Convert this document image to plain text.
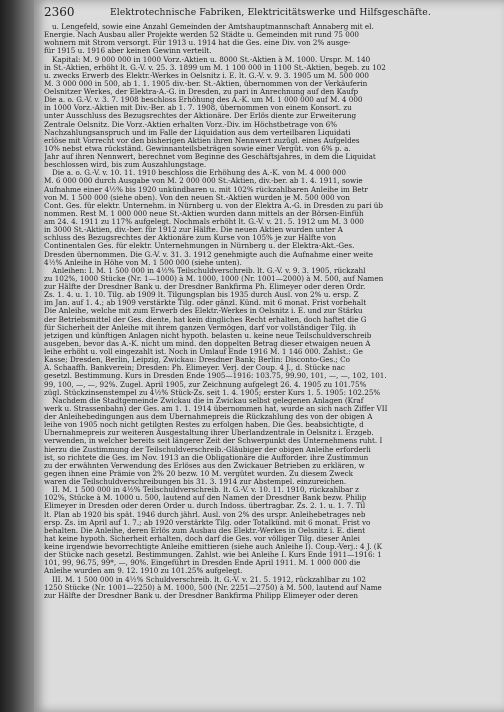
2360	Elektrotechnische Fabriken, Elektricitätswerke und Hilfsgeschäfte.
u. Lengefeld, sowie eine Anzahl Gemeinden der Amtshauptmannschaft Annaberg mit el.
Energie. Nach Ausbau aller Projekte werden 52 Städte u. Gemeinden mit rund 75 000
wohnern mit Strom versorgt. Für 1913 u. 1914 hat die Ges. eine Div. von 2% ausge-
für 1915 u. 1916 aber keinen Gewinn verteilt.
Kapital: M. 9 000 000 in 1000 Vorz.-Aktien u. 8000 St.-Aktien à M. 1000. Urspr. M. 140
in St.-Aktien, erhöht lt. G.-V. v. 25. 3. 1899 um M. 1 100 000 in 1100 St.-Aktien, begeb. zu 102
u. zwecks Erwerb des Elektr.-Werkes in Oelsnitz i. E. lt. G.-V. v. 9. 3. 1905 um M. 500 000
M. 3 000 000 in 500, ab 1. 1. 1905 div.-ber. St.-Aktien, übernommen von der Verkäuferin
Oelsnitzer Werkes, der Elektra-A.-G. in Dresden, zu pari in Anrechnung auf den Kaufp
Die a. o. G.-V. v. 3. 7. 1908 beschloss Erhöhung des A.-K. um M. 1 000 000 auf M. 4 000
in 1000 Vorz.-Aktien mit Div.-Ber. ab 1. 7. 1908, übernommen von einem Konsort. zu
unter Ausschluss des Bezugsrechtes der Aktionäre. Der Erlös diente zur Erweiterung
Zentrale Oelsnitz. Die Vorz.-Aktien erhalten Vorz.-Div. im Höchstbetrage von 6%
Nachzahlungsanspruch und im Falle der Liquidation aus dem verteilbaren Liquidati
erlöse mit Vorrecht vor den bisherigen Aktien ihren Nennwert zuzügl. eines Aufgeldes
10% nebst etwa rückständ. Gewinnanteilsbeträgen sowie einer Vergüt. von 6% p. a.
Jahr auf ihren Nennwert, berechnet vom Beginne des Geschäftsjahres, in dem die Liquidat
beschlossen wird, bis zum Auszahlungstage.
Die a. o. G.-V. v. 10. 11. 1910 beschloss die Erhöhung des A.-K. von M. 4 000 000
M. 6 000 000 durch Ausgabe von M. 2 000 000 St.-Aktien, div.-ber. ab 1. 4. 1911, sowie
Aufnahme einer 4½% bis 1920 unkündbaren u. mit 102% rückzahlbaren Anleihe im Betr
von M. 1 500 000 (siehe oben). Von den neuen St.-Aktien wurden je M. 500 000 von
Cont. Ges. für elektr. Unternehm. in Nürnberg u. von der Elektra A.-G. in Dresden zu pari üb
nommen. Rest M. 1 000 000 neue St.-Aktien wurden dann mittels an der Börsen-Einfüh
am 24. 4. 1911 zu 117% aufgelegt. Nochmals erhöht lt. G.-V. v. 21. 5. 1912 um M. 3 000
in 3000 St.-Aktien, div.-ber. für 1912 zur Hälfte. Die neuen Aktien wurden unter A
schluss des Bezugsrechtes der Aktionäre zum Kurse von 105% je zur Hälfte von
Continentalen Ges. für elektr. Unternehmungen in Nürnberg u. der Elektra-Akt.-Ges.
Dresden übernommen. Die G.-V. v. 31. 3. 1912 genehmigte auch die Aufnahme einer weite
4½% Anleihe in Höhe von M. 1 500 000 (siehe unten).
Anleihen: I. M. 1 500 000 in 4½% Teilschuldverschreib. lt. G.-V. v. 9. 3. 1905, rückzahl
zu 102%, 1000 Stücke (Nr. 1—1000) à M. 1000, 1000 (Nr. 1001—2000) à M. 500, auf Namen
zur Hälfte der Dresdner Bank u. der Dresdner Bankfirma Ph. Elimeyer oder deren Ordr.
Zs. 1. 4. u. 1. 10. Tilg. ab 1909 lt. Tilgungsplan bis 1935 durch Ausl. von 2% u. ersp. Z
im Jan. auf 1. 4.; ab 1909 verstärkte Tilg. oder gänzl. Künd. mit 6 monat. Frist vorbehalt
Die Anleihe, welche mit zum Erwerb des Elektr.-Werkes in Oelsnitz i. E. und zur Stärku
der Betriebsmittel der Ges. diente, hat kein dingliches Recht erhalten, doch haftet die G
für Sicherheit der Anleihe mit ihrem ganzen Vermögen, darf vor vollständiger Tilg. ih
jetzigen und künftigen Anlagen nicht hypoth. belasten u. keine neue Teilschuldverschreib
ausgeben, bevor das A.-K. nicht um mind. den doppelten Betrag dieser etwaigen neuen A
leihe erhöht u. voll eingezahlt ist. Noch in Umlauf Ende 1916 M. 1 146 000. Zahlst.: Ge
Kasse; Dresden, Berlin, Leipzig, Zwickau: Dresdner Bank; Berlin: Disconto-Ges.; Co
A. Schaaffh. Bankverein; Dresden: Ph. Elimeyer. Verj. der Coup. 4 J., d. Stücke nac
gesetzl. Bestimmung. Kurs in Dresden Ende 1905—1916: 103.75, 99.90, 101, —, —, 102, 101.
99, 100, —, —, 92%. Zugel. April 1905, zur Zeichnung aufgelegt 26. 4. 1905 zu 101.75%
zügl. Stückzinsenstempel zu 4½% Stück-Zs. seit 1. 4. 1905; erster Kurs 1. 5. 1905: 102.25%
Nachdem die Stadtgemeinde Zwickau die in Zwickau selbst gelegenen Anlagen (Kraf
werk u. Strassenbahn) der Ges. am 1. 1. 1914 übernommen hat, wurde an sich nach Ziffer VII
der Anleihebedingungen aus dem Übernahmepreis die Rückzahlung des von der obigen A
leihe von 1905 noch nicht getilgten Restes zu erfolgen haben. Die Ges. beabsichtigte, d
Übernahmepreis zur weiteren Ausgestaltung ihrer Überlandzentrale in Oelsnitz i. Erzgeb.
verwenden, in welcher bereits seit längerer Zeit der Schwerpunkt des Unternehmens ruht. I
hierzu die Zustimmung der Teilschuldverschreib.-Gläubiger der obigen Anleihe erforderli
ist, so richtete die Ges. im Nov. 1913 an die Obligationäre die Aufforder. ihre Zustimmun
zu der erwähnten Verwendung des Erlöses aus den Zwickauer Betrieben zu erklären, w
gegen ihnen eine Prämie von 2% 20 bezw. 10 M. vergütet wurden. Zu diesem Zweck
waren die Teilschuldverschreibungen bis 31. 3. 1914 zur Abstempel. einzureichen.
II. M. 1 500 000 in 4½% Teilschuldverschreib. lt. G.-V. v. 10. 11. 1910, rückzahlbar z
102%, Stücke à M. 1000 u. 500, lautend auf den Namen der Dresdner Bank bezw. Philip
Elimeyer in Dresden oder deren Order u. durch Indoss. übertragbar. Zs. 2. 1. u. 1. 7. Til
lt. Plan ab 1920 bis spät. 1946 durch jährl. Ausl. von 2% des urspr. Anleihebetrages neb
ersp. Zs. im April auf 1. 7.; ab 1920 verstärkte Tilg. oder Totalkünd. mit 6 monat. Frist vo
behalten. Die Anleihe, deren Erlös zum Ausbau des Elektr.-Werkes in Oelsnitz i. E. dient
hat keine hypoth. Sicherheit erhalten, doch darf die Ges. vor völliger Tilg. dieser Anlei
keine irgendwie bevorrechtigte Anleihe emittieren (siehe auch Anleihe I). Coup.-Verj.: 4 J. (K
der Stücke nach gesetzl. Bestimmungen. Zahlst. wie bei Anleihe I. Kurs Ende 1911—1916: 1
101, 99, 96.75, 99*, —, 90%. Eingeführt in Dresden Ende April 1911. M. 1 000 000 die
Anleihe wurden am 9. 12. 1910 zu 101.25% aufgelegt.
III. M. 1 500 000 in 4½% Schuldverschreib. lt. G.-V. v. 21. 5. 1912, rückzahlbar zu 102
1250 Stücke (Nr. 1001—2250) à M. 1000, 500 (Nr. 2251—2750) à M. 500, lautend auf Name
zur Hälfte der Dresdner Bank u. der Dresdner Bankfirma Philipp Elimeyer oder deren
